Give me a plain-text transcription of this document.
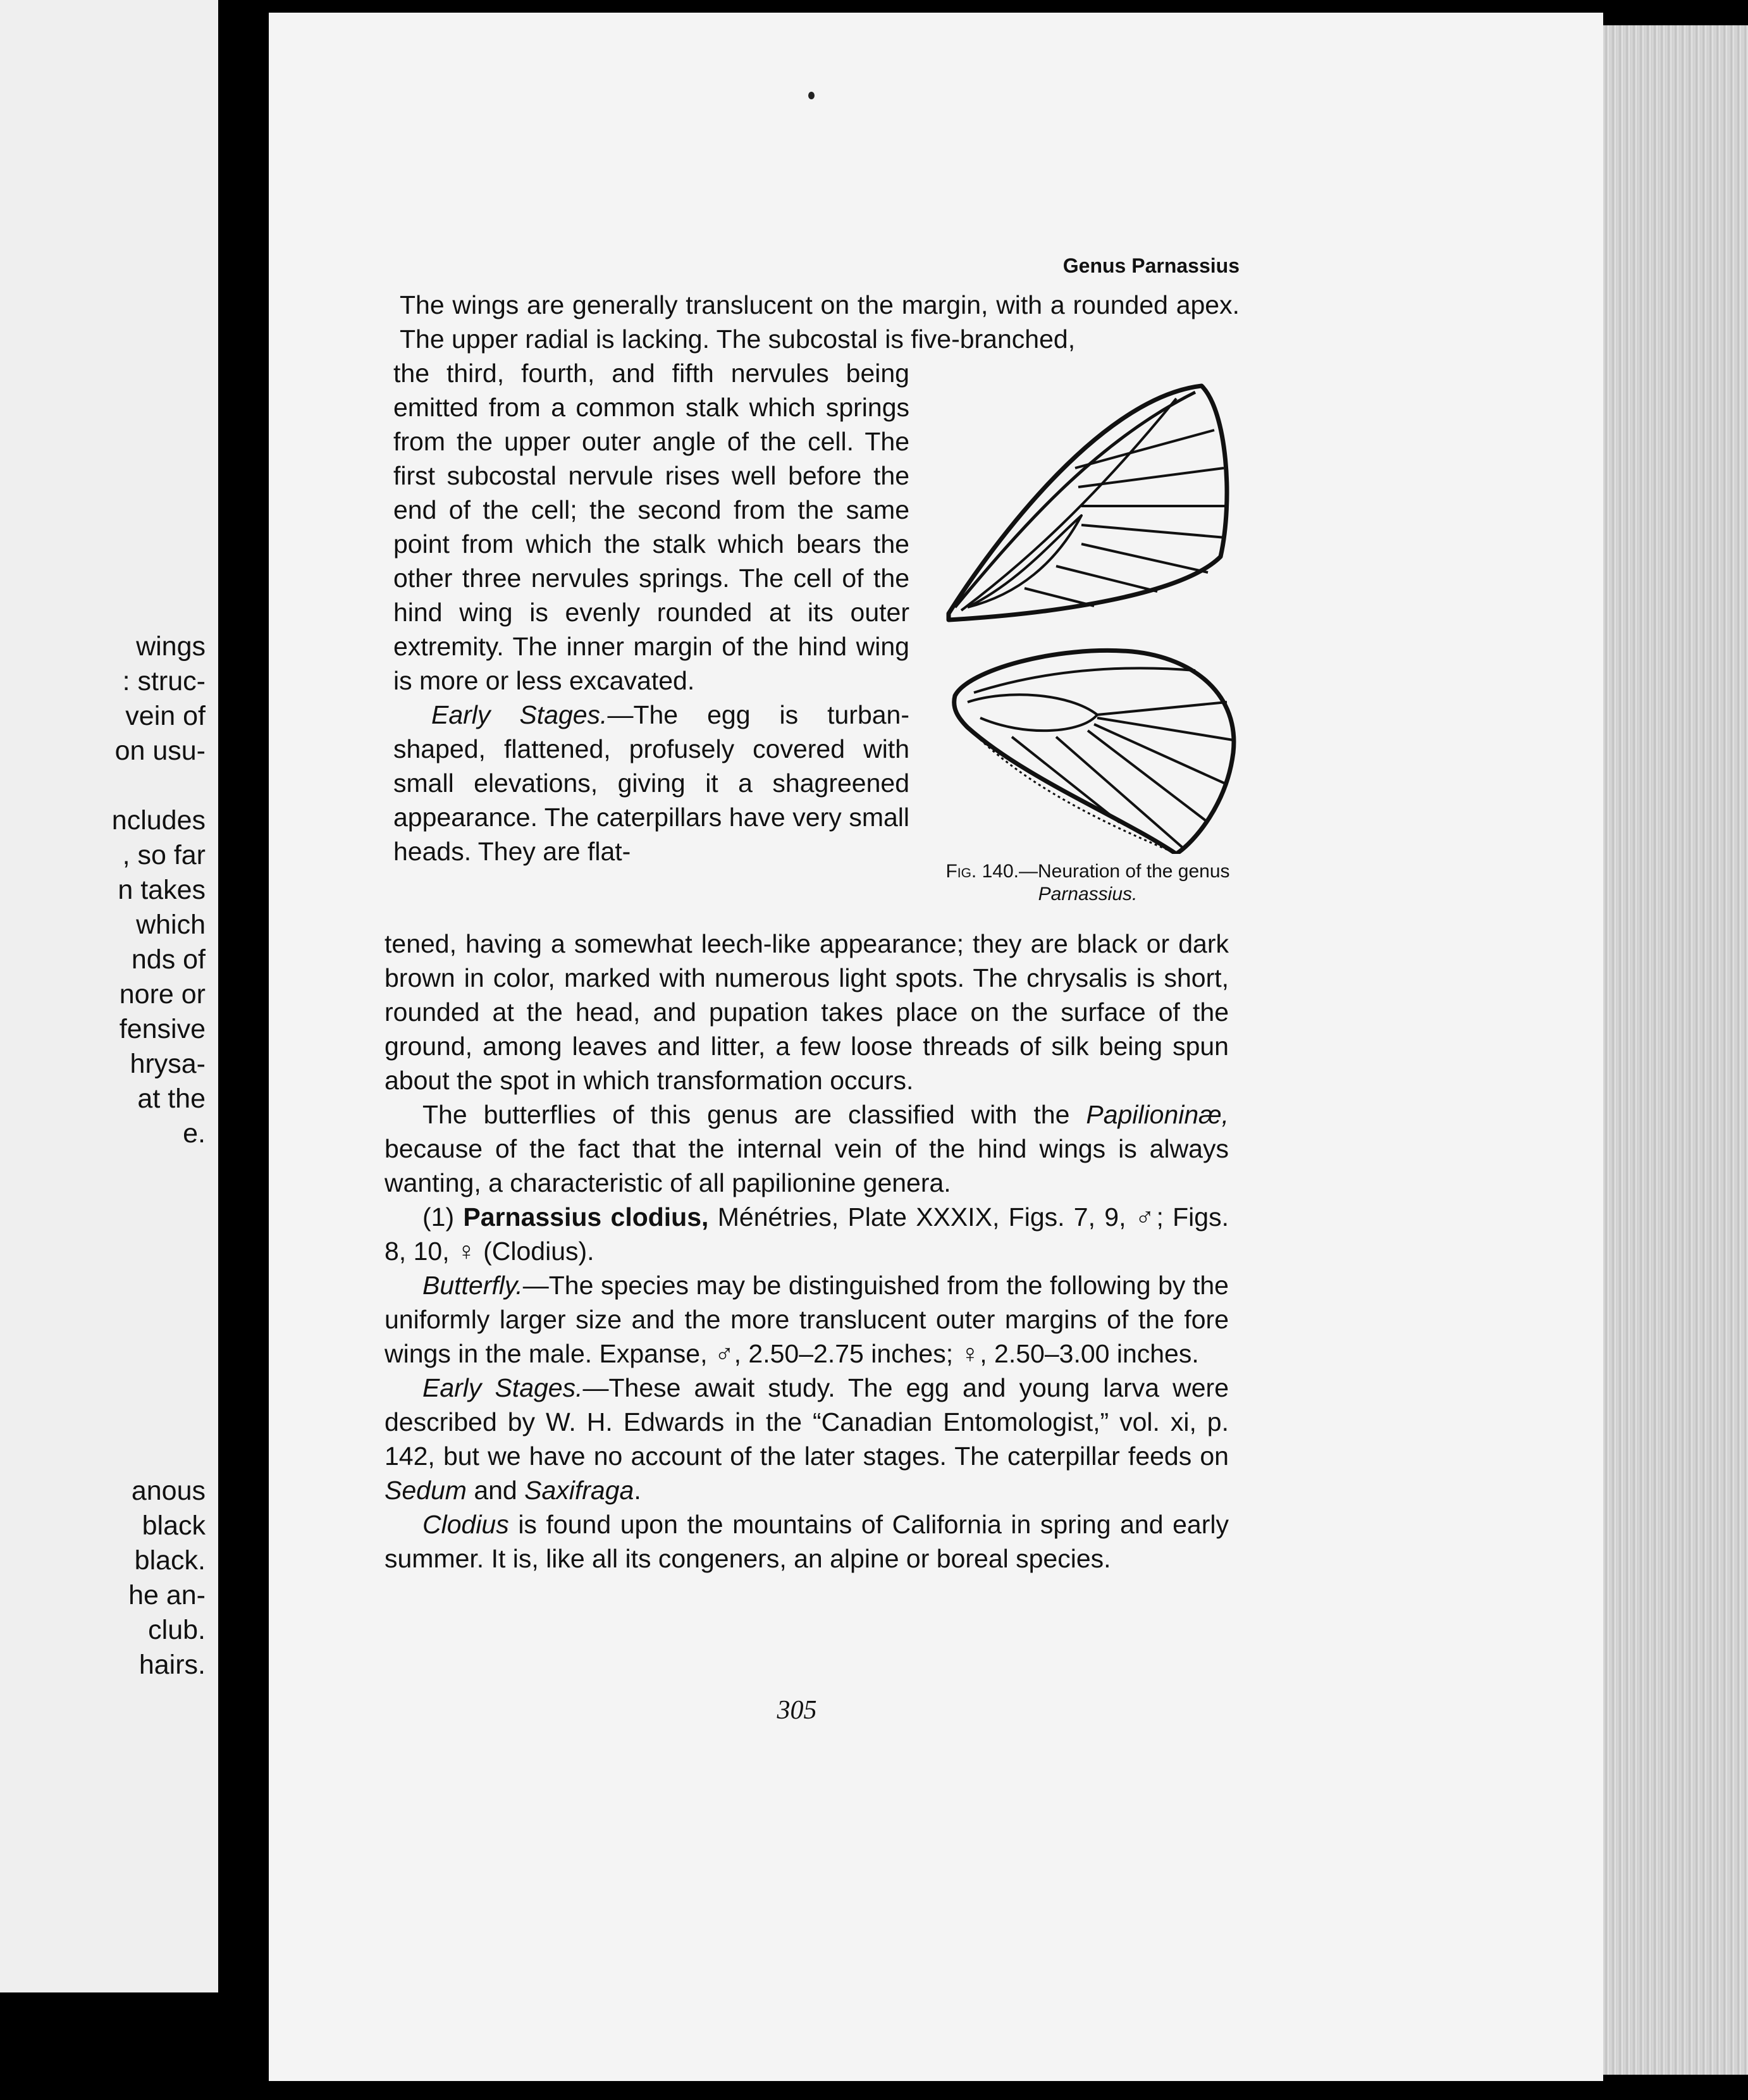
wings
: struc-
vein of
on usu-
ncludes
, so far
n takes
which
nds of
nore or
fensive
hrysa-
at the
e.
anous
black
black.
he an-
club.
hairs.
Genus Parnassius

The wings are generally translucent on the margin, with a rounded apex. The upper radial is lacking. The subcostal is five-branched,

the third, fourth, and fifth nervules being emitted from a common stalk which springs from the upper outer angle of the cell. The first subcostal nervule rises well before the end of the cell; the second from the same point from which the stalk which bears the other three nervules springs. The cell of the hind wing is evenly rounded at its outer extremity. The inner margin of the hind wing is more or less excavated.

Early Stages.—The egg is turban-shaped, flattened, profusely covered with small elevations, giving it a shagreened appearance. The caterpillars have very small heads. They are flat-

Fig. 140.—Neuration of the genus Parnassius.

tened, having a somewhat leech-like appearance; they are black or dark brown in color, marked with numerous light spots. The chrysalis is short, rounded at the head, and pupation takes place on the surface of the ground, among leaves and litter, a few loose threads of silk being spun about the spot in which transformation occurs.

The butterflies of this genus are classified with the Papilioninæ, because of the fact that the internal vein of the hind wings is always wanting, a characteristic of all papilionine genera.

(1) Parnassius clodius, Ménétries, Plate XXXIX, Figs. 7, 9, ♂; Figs. 8, 10, ♀ (Clodius).

Butterfly.—The species may be distinguished from the following by the uniformly larger size and the more translucent outer margins of the fore wings in the male. Expanse, ♂, 2.50–2.75 inches; ♀, 2.50–3.00 inches.

Early Stages.—These await study. The egg and young larva were described by W. H. Edwards in the “Canadian Entomologist,” vol. xi, p. 142, but we have no account of the later stages. The caterpillar feeds on Sedum and Saxifraga.

Clodius is found upon the mountains of California in spring and early summer. It is, like all its congeners, an alpine or boreal species.

305
